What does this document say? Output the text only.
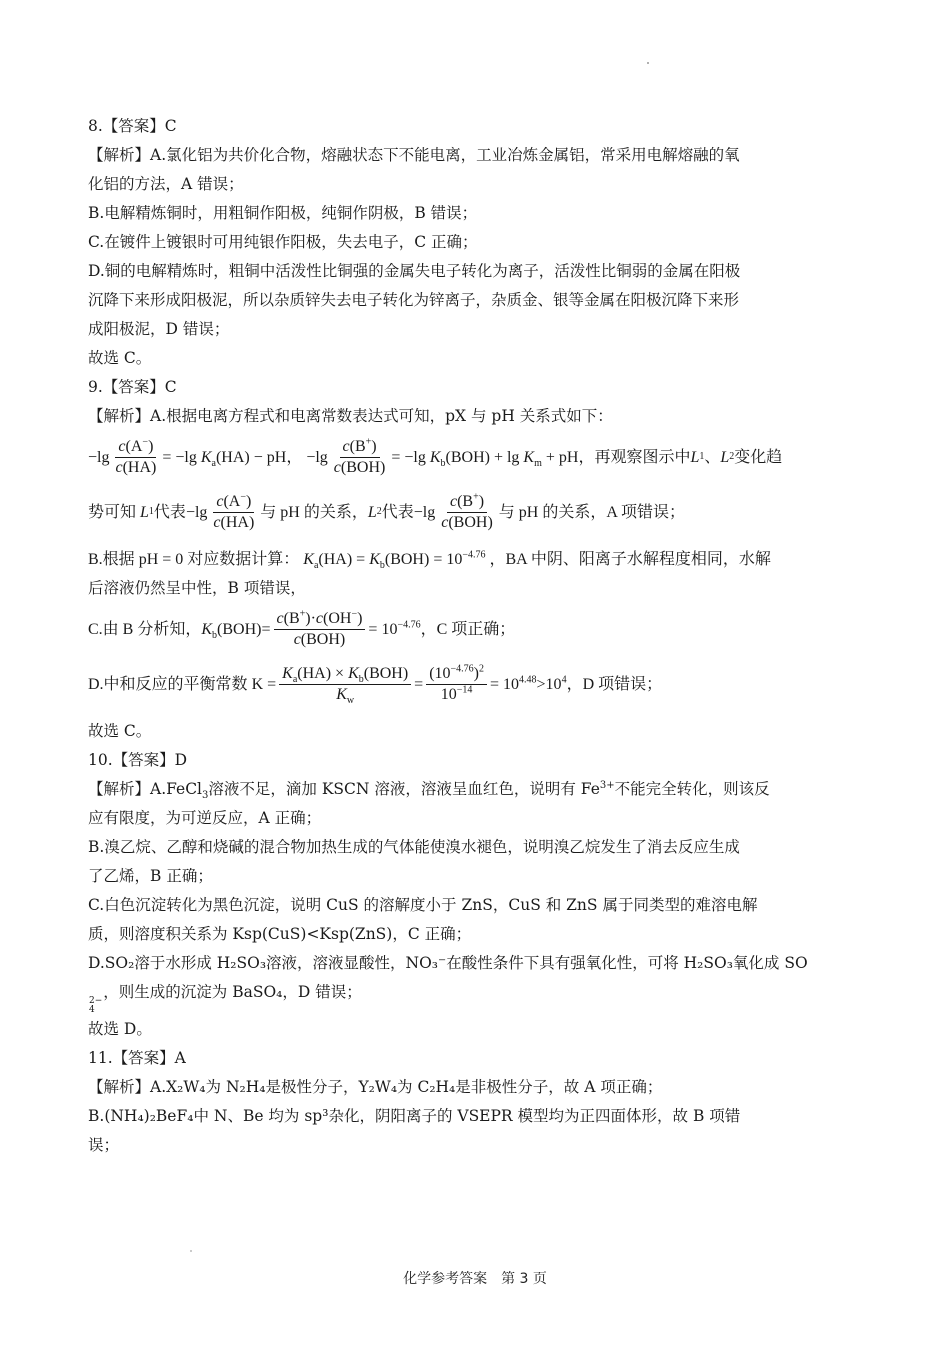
8.【答案】C
【解析】A.氯化铝为共价化合物，熔融状态下不能电离，工业冶炼金属铝，常采用电解熔融的氧
化铝的方法，A 错误；
B.电解精炼铜时，用粗铜作阳极，纯铜作阴极，B 错误；
C.在镀件上镀银时可用纯银作阳极，失去电子，C 正确；
D.铜的电解精炼时，粗铜中活泼性比铜强的金属失电子转化为离子，活泼性比铜弱的金属在阳极
沉降下来形成阳极泥，所以杂质锌失去电子转化为锌离子，杂质金、银等金属在阳极沉降下来形
成阳极泥，D 错误；
故选 C。
9.【答案】C
【解析】A.根据电离方程式和电离常数表达式可知，pX 与 pH 关系式如下：
$-\lg \frac{c(A^-)}{c(HA)} = -\lg$ $K_a(HA)$ − pH， $-\lg \frac{c(B^+)}{\text{c(BOH)}} = -\lg$ $K_b(BOH) + \lg K_m$ + pH ，再观察图示中 L 1 、 L 2 变化趋
势可知 L 1 代表 $-\lg \frac{c(A^-)}{c(HA)}$ 与 pH 的关系， L 2 代表 $-\lg \frac{c(B^+)}{\text{c(BOH)}}$ 与 pH 的关系，A 项错误；
B.根据 pH = 0 对应数据计算： $K_a(HA) = K_b(BOH) = 10^{-4.76}$ ，BA 中阴、阳离子水解程度相同，水解
后溶液仍然呈中性，B 项错误，
C.由 B 分析知， $K_b(BOH)= \frac{c(B^+)\cdot c(OH^-)}{\text{c(BOH)}} = 10^{-4.76}$ ，C 项正确；
D.中和反应的平衡常数 $K = \frac{K_a(HA) \times K_b(BOH)}{K_w} = \frac{(10^{-4.76})^2}{10^{-14}} = 10^{4.48}>10^4$ ，D 项错误；
故选 C。
10.【答案】D
【解析】A.FeCl$_3$溶液不足，滴加 KSCN 溶液，溶液呈血红色，说明有 $Fe^{3+}$不能完全转化，则该反
应有限度，为可逆反应，A 正确；
B.溴乙烷、乙醇和烧碱的混合物加热生成的气体能使溴水褪色，说明溴乙烷发生了消去反应生成
了乙烯，B 正确；
C.白色沉淀转化为黑色沉淀，说明 CuS 的溶解度小于 ZnS，CuS 和 ZnS 属于同类型的难溶电解
质，则溶度积关系为 Ksp(CuS)<Ksp(ZnS)，C 正确；
D.SO₂溶于水形成 H₂SO₃溶液，溶液显酸性，NO₃⁻在酸性条件下具有强氧化性，可将 H₂SO₃氧化成 SO
2−
4
，则生成的沉淀为 BaSO₄，D 错误；
故选 D。
11.【答案】A
【解析】A.X₂W₄为 N₂H₄是极性分子，Y₂W₄为 C₂H₄是非极性分子，故 A 项正确；
B.(NH₄)₂BeF₄中 N、Be 均为 sp³杂化，阴阳离子的 VSEPR 模型均为正四面体形，故 B 项错
误；
化学参考答案　第 3 页
